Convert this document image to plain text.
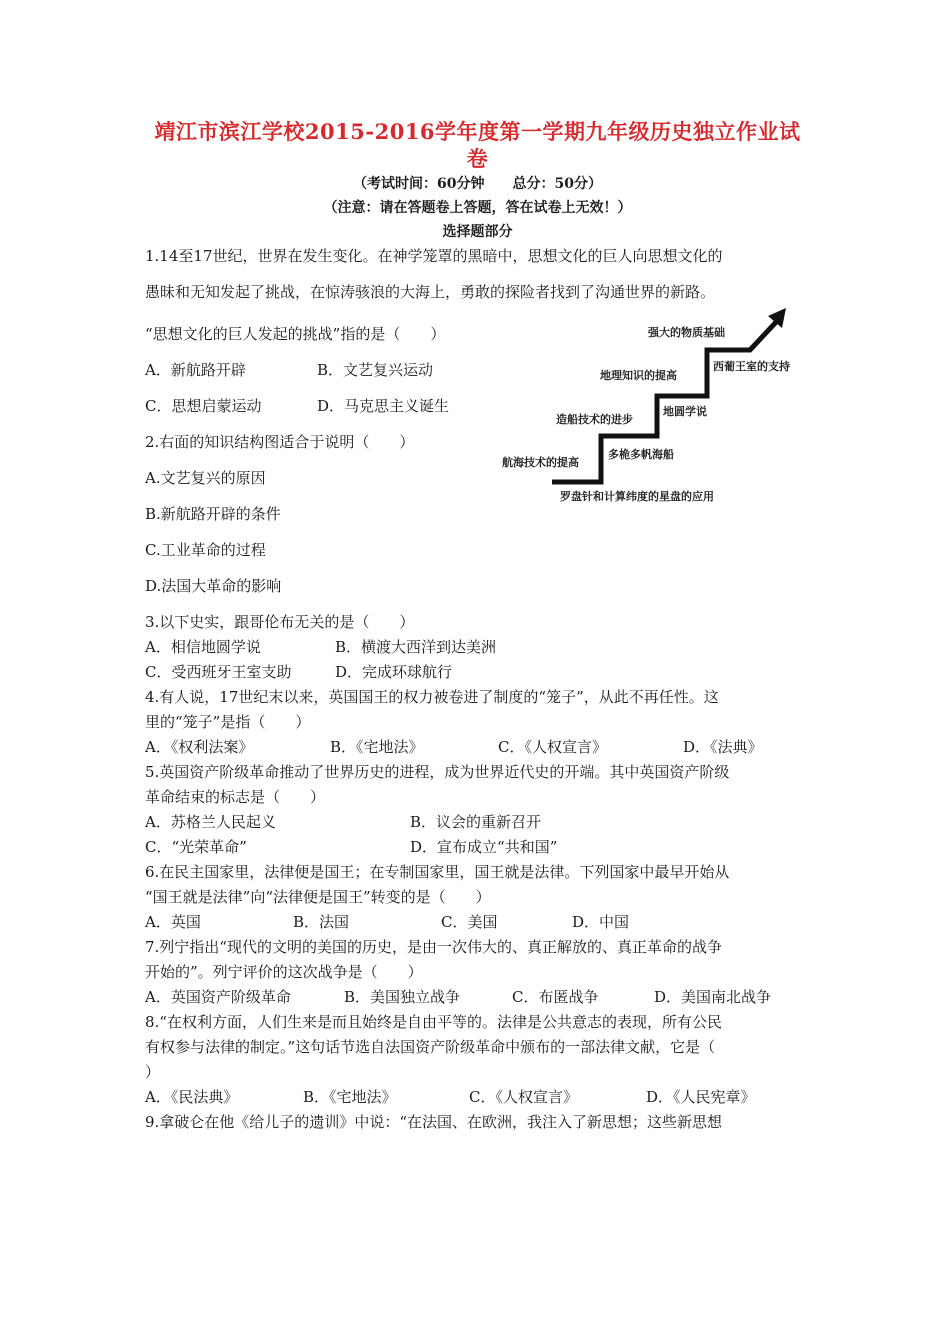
靖江市滨江学校2015-2016学年度第一学期九年级历史独立作业试
卷
（考试时间：60分钟　　总分：50分）
（注意：请在答题卷上答题，答在试卷上无效！）
选择题部分
1.14至17世纪，世界在发生变化。在神学笼罩的黑暗中，思想文化的巨人向思想文化的
愚昧和无知发起了挑战，在惊涛骇浪的大海上，勇敢的探险者找到了沟通世界的新路。
“思想文化的巨人发起的挑战”指的是（　　）
A．新航路开辟	B．文艺复兴运动
C．思想启蒙运动	D．马克思主义诞生
2.右面的知识结构图适合于说明（　　）
A.文艺复兴的原因
B.新航路开辟的条件
C.工业革命的过程
D.法国大革命的影响
3.以下史实，跟哥伦布无关的是（　　）
A．相信地圆学说	B．横渡大西洋到达美洲
C．受西班牙王室支助	D．完成环球航行
4.有人说，17世纪末以来，英国国王的权力被卷进了制度的“笼子”，从此不再任性。这
里的“笼子”是指（　　）
A．《权利法案》	B．《宅地法》	C．《人权宣言》	D．《法典》
5.英国资产阶级革命推动了世界历史的进程，成为世界近代史的开端。其中英国资产阶级
革命结束的标志是（　　）
A．苏格兰人民起义	B．议会的重新召开
C．“光荣革命”	D．宣布成立“共和国”
6.在民主国家里，法律便是国王；在专制国家里，国王就是法律。下列国家中最早开始从
“国王就是法律”向“法律便是国王”转变的是（　　）
A．英国	B．法国	C．美国	D．中国
7.列宁指出“现代的文明的美国的历史，是由一次伟大的、真正解放的、真正革命的战争
开始的”。列宁评价的这次战争是（　　）
A．英国资产阶级革命	B．美国独立战争	C．布匿战争	D．美国南北战争
8.“在权利方面，人们生来是而且始终是自由平等的。法律是公共意志的表现，所有公民
有权参与法律的制定。”这句话节选自法国资产阶级革命中颁布的一部法律文献，它是（
）
A．《民法典》	B．《宅地法》	C．《人权宣言》	D．《人民宪章》
9.拿破仑在他《给儿子的遗训》中说：“在法国、在欧洲，我注入了新思想；这些新思想
强大的物质基础
西葡王室的支持
地理知识的提高
地圆学说
造船技术的进步
多桅多帆海船
航海技术的提高
罗盘针和计算纬度的星盘的应用
